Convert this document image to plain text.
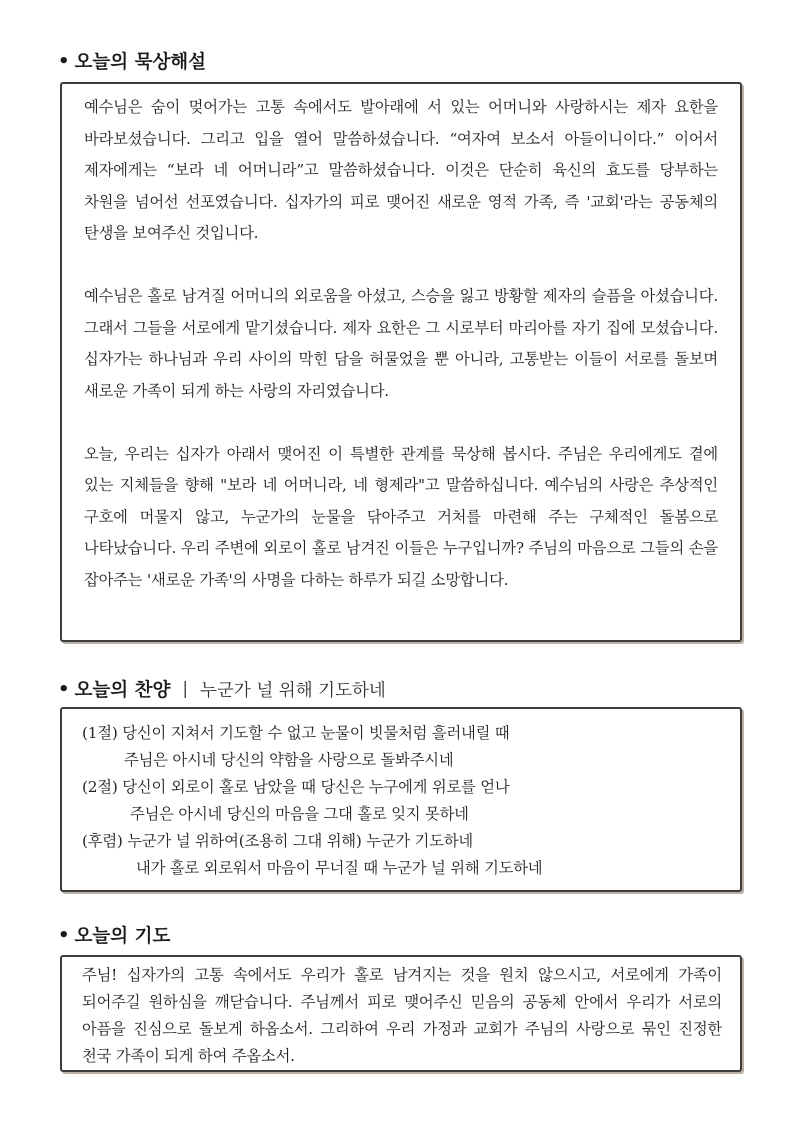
• 오늘의 묵상해설

예수님은 숨이 멎어가는 고통 속에서도 발아래에 서 있는 어머니와 사랑하시는 제자 요한을 바라보셨습니다. 그리고 입을 열어 말씀하셨습니다. “여자여 보소서 아들이니이다.” 이어서 제자에게는 “보라 네 어머니라”고 말씀하셨습니다. 이것은 단순히 육신의 효도를 당부하는 차원을 넘어선 선포였습니다. 십자가의 피로 맺어진 새로운 영적 가족, 즉 '교회'라는 공동체의 탄생을 보여주신 것입니다.

예수님은 홀로 남겨질 어머니의 외로움을 아셨고, 스승을 잃고 방황할 제자의 슬픔을 아셨습니다. 그래서 그들을 서로에게 맡기셨습니다. 제자 요한은 그 시로부터 마리아를 자기 집에 모셨습니다. 십자가는 하나님과 우리 사이의 막힌 담을 허물었을 뿐 아니라, 고통받는 이들이 서로를 돌보며 새로운 가족이 되게 하는 사랑의 자리였습니다.

오늘, 우리는 십자가 아래서 맺어진 이 특별한 관계를 묵상해 봅시다. 주님은 우리에게도 곁에 있는 지체들을 향해 "보라 네 어머니라, 네 형제라"고 말씀하십니다. 예수님의 사랑은 추상적인 구호에 머물지 않고, 누군가의 눈물을 닦아주고 거처를 마련해 주는 구체적인 돌봄으로 나타났습니다. 우리 주변에 외로이 홀로 남겨진 이들은 누구입니까? 주님의 마음으로 그들의 손을 잡아주는 '새로운 가족'의 사명을 다하는 하루가 되길 소망합니다.

• 오늘의 찬양 | 누군가 널 위해 기도하네
(1절) 당신이 지쳐서 기도할 수 없고 눈물이 빗물처럼 흘러내릴 때
주님은 아시네 당신의 약함을 사랑으로 돌봐주시네
(2절) 당신이 외로이 홀로 남았을 때 당신은 누구에게 위로를 얻나
주님은 아시네 당신의 마음을 그대 홀로 잊지 못하네
(후렴) 누군가 널 위하여(조용히 그대 위해) 누군가 기도하네
내가 홀로 외로워서 마음이 무너질 때 누군가 널 위해 기도하네
• 오늘의 기도

주님! 십자가의 고통 속에서도 우리가 홀로 남겨지는 것을 원치 않으시고, 서로에게 가족이 되어주길 원하심을 깨닫습니다. 주님께서 피로 맺어주신 믿음의 공동체 안에서 우리가 서로의 아픔을 진심으로 돌보게 하옵소서. 그리하여 우리 가정과 교회가 주님의 사랑으로 묶인 진정한 천국 가족이 되게 하여 주옵소서.
